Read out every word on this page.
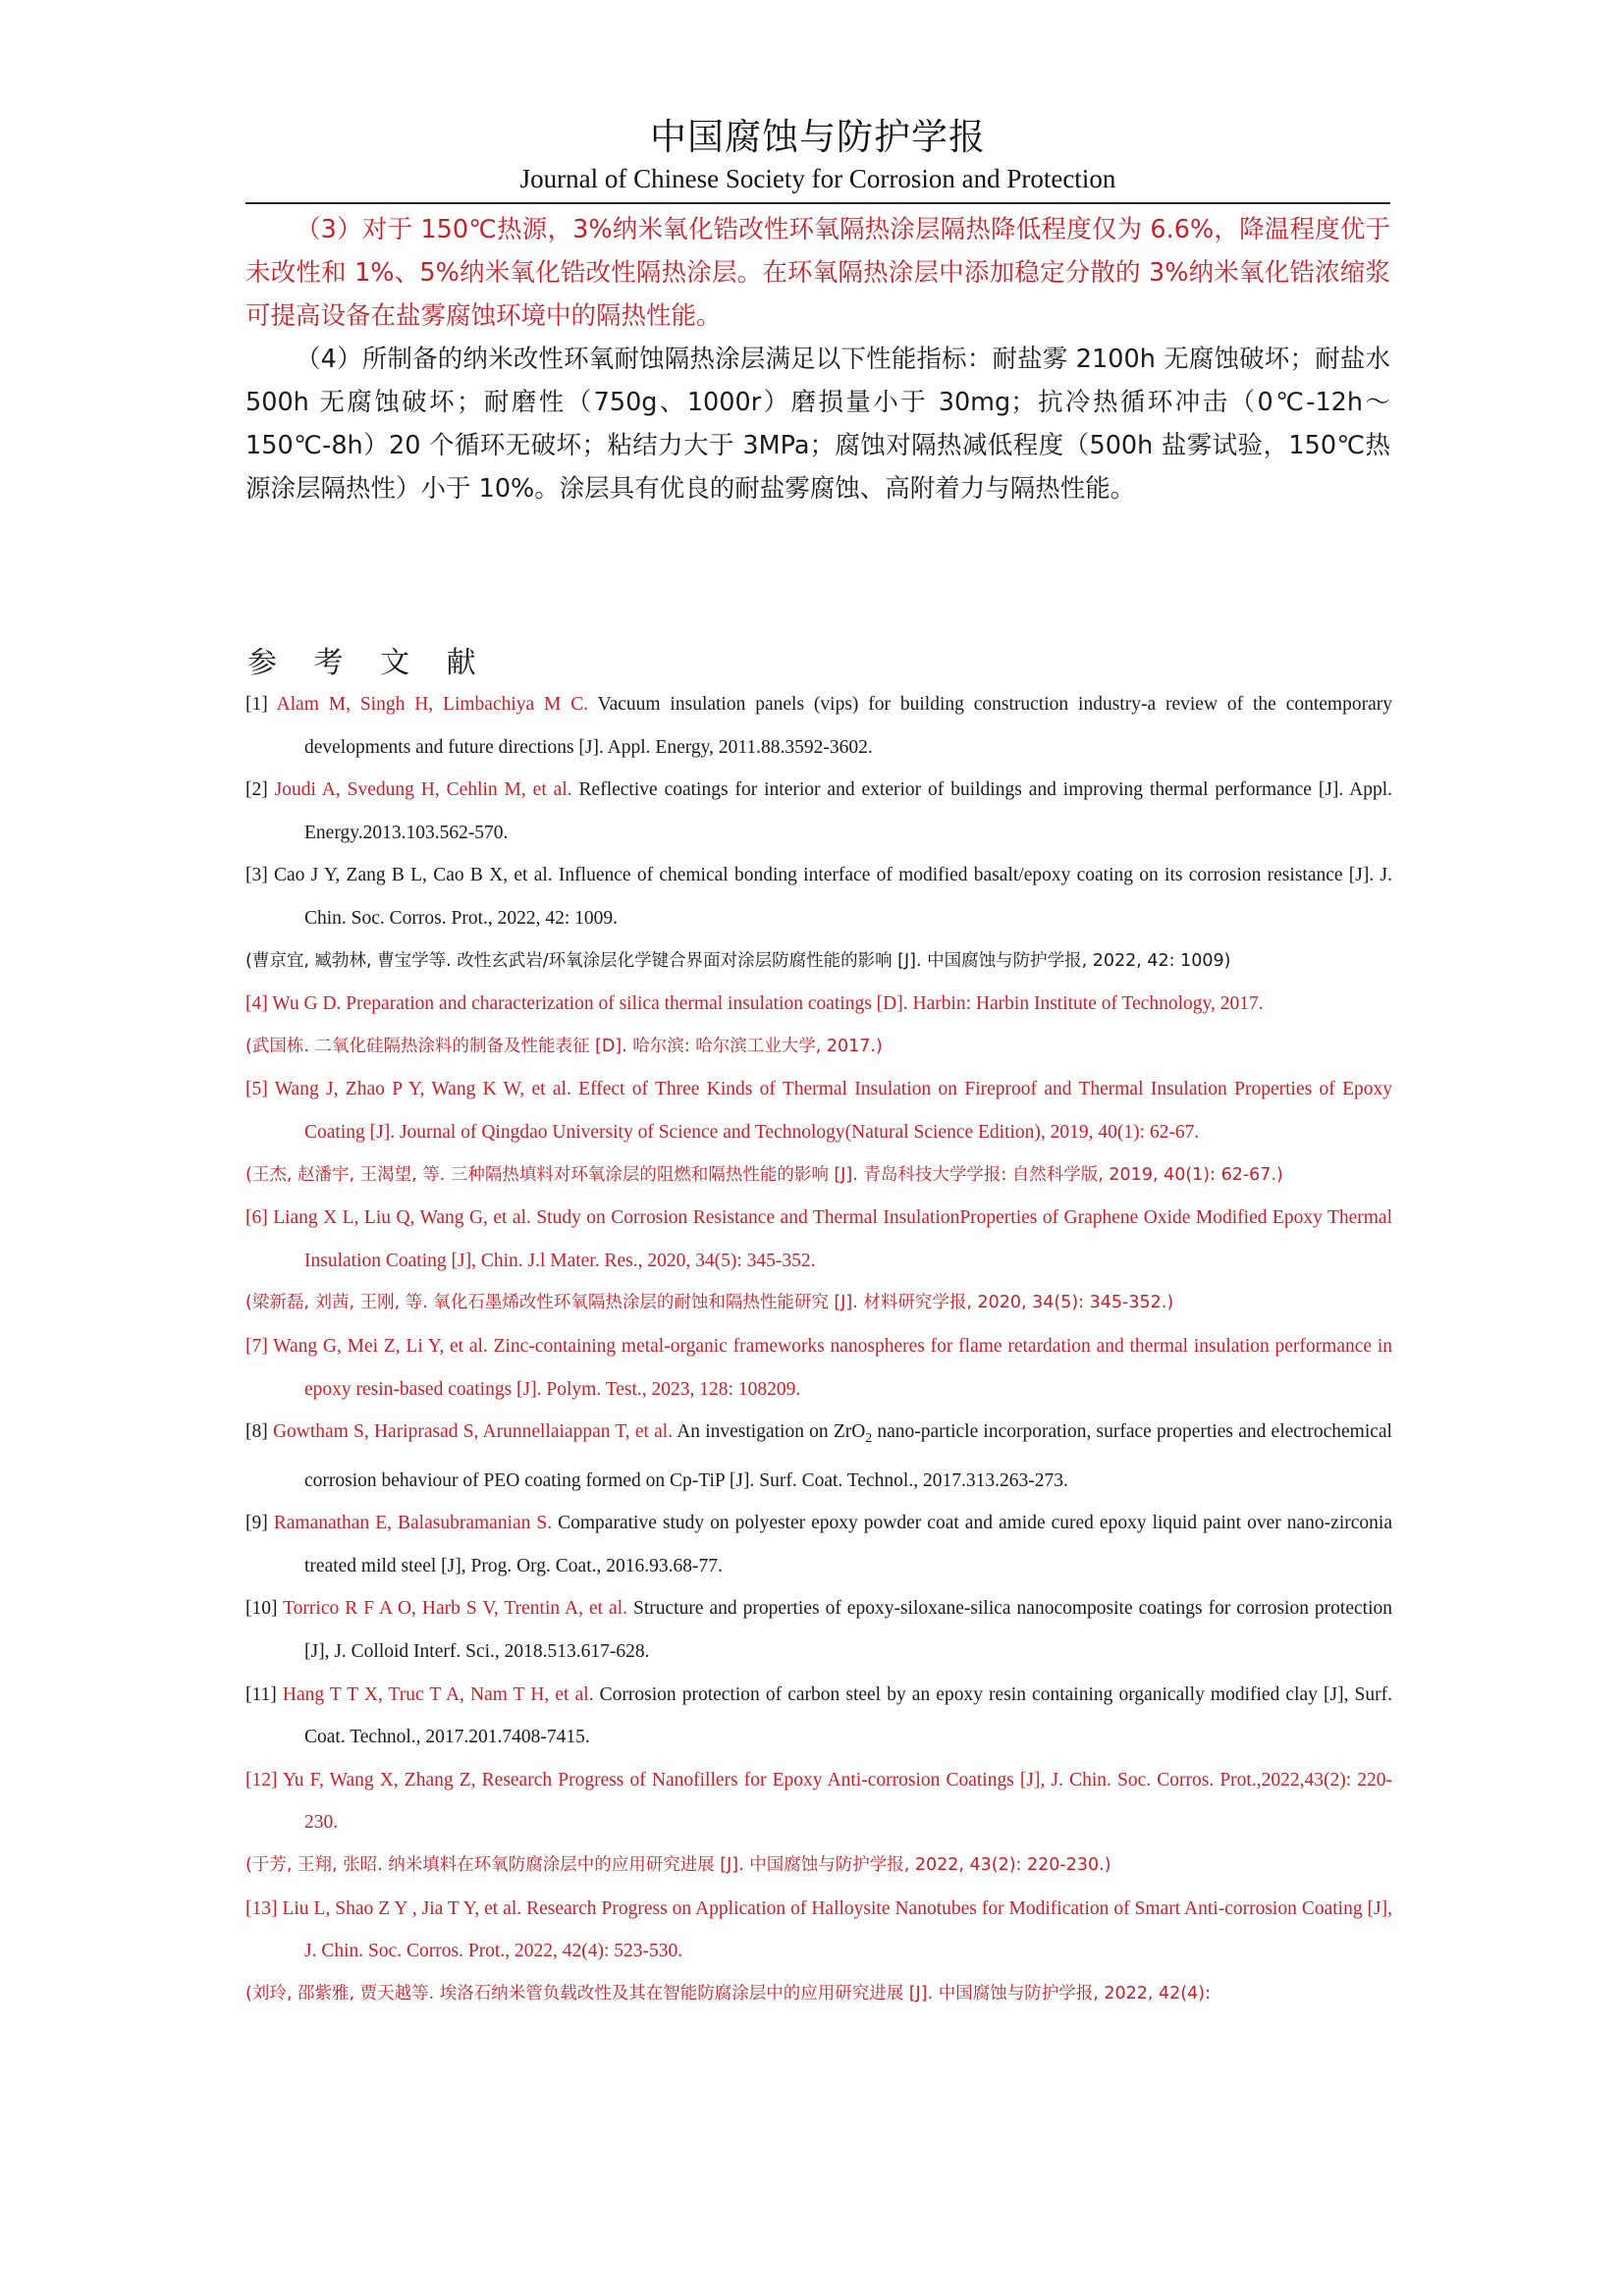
中国腐蚀与防护学报
Journal of Chinese Society for Corrosion and Protection

（3）对于 150℃热源，3%纳米氧化锆改性环氧隔热涂层隔热降低程度仅为 6.6%，降温程度优于未改性和 1%、5%纳米氧化锆改性隔热涂层。在环氧隔热涂层中添加稳定分散的 3%纳米氧化锆浓缩浆可提高设备在盐雾腐蚀环境中的隔热性能。

（4）所制备的纳米改性环氧耐蚀隔热涂层满足以下性能指标：耐盐雾 2100h 无腐蚀破坏；耐盐水 500h 无腐蚀破坏；耐磨性（750g、1000r）磨损量小于 30mg；抗冷热循环冲击（0℃-12h～150℃-8h）20 个循环无破坏；粘结力大于 3MPa；腐蚀对隔热减低程度（500h 盐雾试验，150℃热源涂层隔热性）小于 10%。涂层具有优良的耐盐雾腐蚀、高附着力与隔热性能。

参 考 文 献

[1] Alam M, Singh H, Limbachiya M C. Vacuum insulation panels (vips) for building construction industry-a review of the contemporary developments and future directions [J]. Appl. Energy, 2011.88.3592-3602.

[2] Joudi A, Svedung H, Cehlin M, et al. Reflective coatings for interior and exterior of buildings and improving thermal performance [J]. Appl. Energy.2013.103.562-570.

[3] Cao J Y, Zang B L, Cao B X, et al. Influence of chemical bonding interface of modified basalt/epoxy coating on its corrosion resistance [J]. J. Chin. Soc. Corros. Prot., 2022, 42: 1009.

(曹京宜, 臧勃林, 曹宝学等. 改性玄武岩/环氧涂层化学键合界面对涂层防腐性能的影响 [J]. 中国腐蚀与防护学报, 2022, 42: 1009)

[4] Wu G D. Preparation and characterization of silica thermal insulation coatings [D]. Harbin: Harbin Institute of Technology, 2017.

(武国栋. 二氧化硅隔热涂料的制备及性能表征 [D]. 哈尔滨: 哈尔滨工业大学, 2017.)

[5] Wang J, Zhao P Y, Wang K W, et al. Effect of Three Kinds of Thermal Insulation on Fireproof and Thermal Insulation Properties of Epoxy Coating [J]. Journal of Qingdao University of Science and Technology(Natural Science Edition), 2019, 40(1): 62-67.

(王杰, 赵潘宇, 王渴望, 等. 三种隔热填料对环氧涂层的阻燃和隔热性能的影响 [J]. 青岛科技大学学报: 自然科学版, 2019, 40(1): 62-67.)

[6] Liang X L, Liu Q, Wang G, et al. Study on Corrosion Resistance and Thermal InsulationProperties of Graphene Oxide Modified Epoxy Thermal Insulation Coating [J], Chin. J.l Mater. Res., 2020, 34(5): 345-352.

(梁新磊, 刘茜, 王刚, 等. 氧化石墨烯改性环氧隔热涂层的耐蚀和隔热性能研究 [J]. 材料研究学报, 2020, 34(5): 345-352.)

[7] Wang G, Mei Z, Li Y, et al. Zinc-containing metal-organic frameworks nanospheres for flame retardation and thermal insulation performance in epoxy resin-based coatings [J]. Polym. Test., 2023, 128: 108209.

[8] Gowtham S, Hariprasad S, Arunnellaiappan T, et al. An investigation on ZrO$_2$ nano-particle incorporation, surface properties and electrochemical corrosion behaviour of PEO coating formed on Cp-TiP [J]. Surf. Coat. Technol., 2017.313.263-273.

[9] Ramanathan E, Balasubramanian S. Comparative study on polyester epoxy powder coat and amide cured epoxy liquid paint over nano-zirconia treated mild steel [J], Prog. Org. Coat., 2016.93.68-77.

[10] Torrico R F A O, Harb S V, Trentin A, et al. Structure and properties of epoxy-siloxane-silica nanocomposite coatings for corrosion protection [J], J. Colloid Interf. Sci., 2018.513.617-628.

[11] Hang T T X, Truc T A, Nam T H, et al. Corrosion protection of carbon steel by an epoxy resin containing organically modified clay [J], Surf. Coat. Technol., 2017.201.7408-7415.

[12] Yu F, Wang X, Zhang Z, Research Progress of Nanofillers for Epoxy Anti-corrosion Coatings [J], J. Chin. Soc. Corros. Prot.,2022,43(2): 220-230.

(于芳, 王翔, 张昭. 纳米填料在环氧防腐涂层中的应用研究进展 [J]. 中国腐蚀与防护学报, 2022, 43(2): 220-230.)

[13] Liu L, Shao Z Y , Jia T Y, et al. Research Progress on Application of Halloysite Nanotubes for Modification of Smart Anti-corrosion Coating [J], J. Chin. Soc. Corros. Prot., 2022, 42(4): 523-530.

(刘玲, 邵紫雅, 贾天越等. 埃洛石纳米管负载改性及其在智能防腐涂层中的应用研究进展 [J]. 中国腐蚀与防护学报, 2022, 42(4):
